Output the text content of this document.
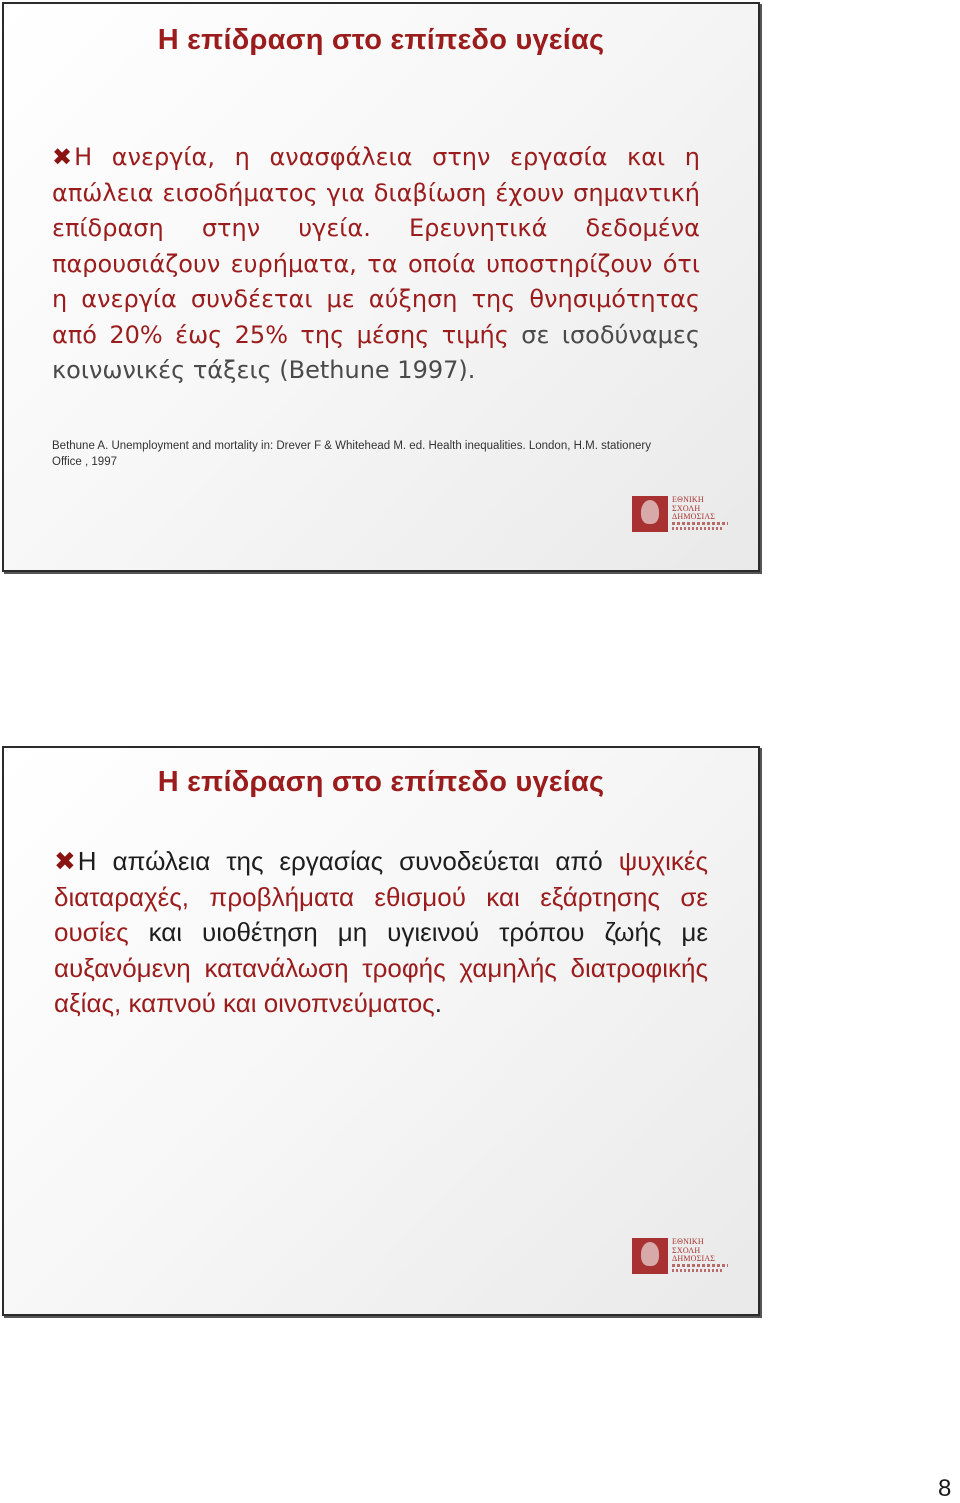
Η επίδραση στο επίπεδο υγείας

✖Η ανεργία, η ανασφάλεια στην εργασία και η απώλεια εισοδήματος για διαβίωση έχουν σημαντική επίδραση στην υγεία. Ερευνητικά δεδομένα παρουσιάζουν ευρήματα, τα οποία υποστηρίζουν ότι η ανεργία συνδέεται με αύξηση της θνησιμότητας από 20% έως 25% της μέσης τιμής σε ισοδύναμες κοινωνικές τάξεις (Bethune 1997).

Bethune A. Unemployment and mortality in: Drever F & Whitehead M. ed. Health inequalities. London, H.M. stationery Office , 1997

ΕΘΝΙΚΗ
ΣΧΟΛΗ
ΔΗΜΟΣΙΑΣ
Η επίδραση στο επίπεδο υγείας

✖Η απώλεια της εργασίας συνοδεύεται από ψυχικές διαταραχές, προβλήματα εθισμού και εξάρτησης σε ουσίες και υιοθέτηση μη υγιεινού τρόπου ζωής με αυξανόμενη κατανάλωση τροφής χαμηλής διατροφικής αξίας, καπνού και οινοπνεύματος.

ΕΘΝΙΚΗ
ΣΧΟΛΗ
ΔΗΜΟΣΙΑΣ
8
